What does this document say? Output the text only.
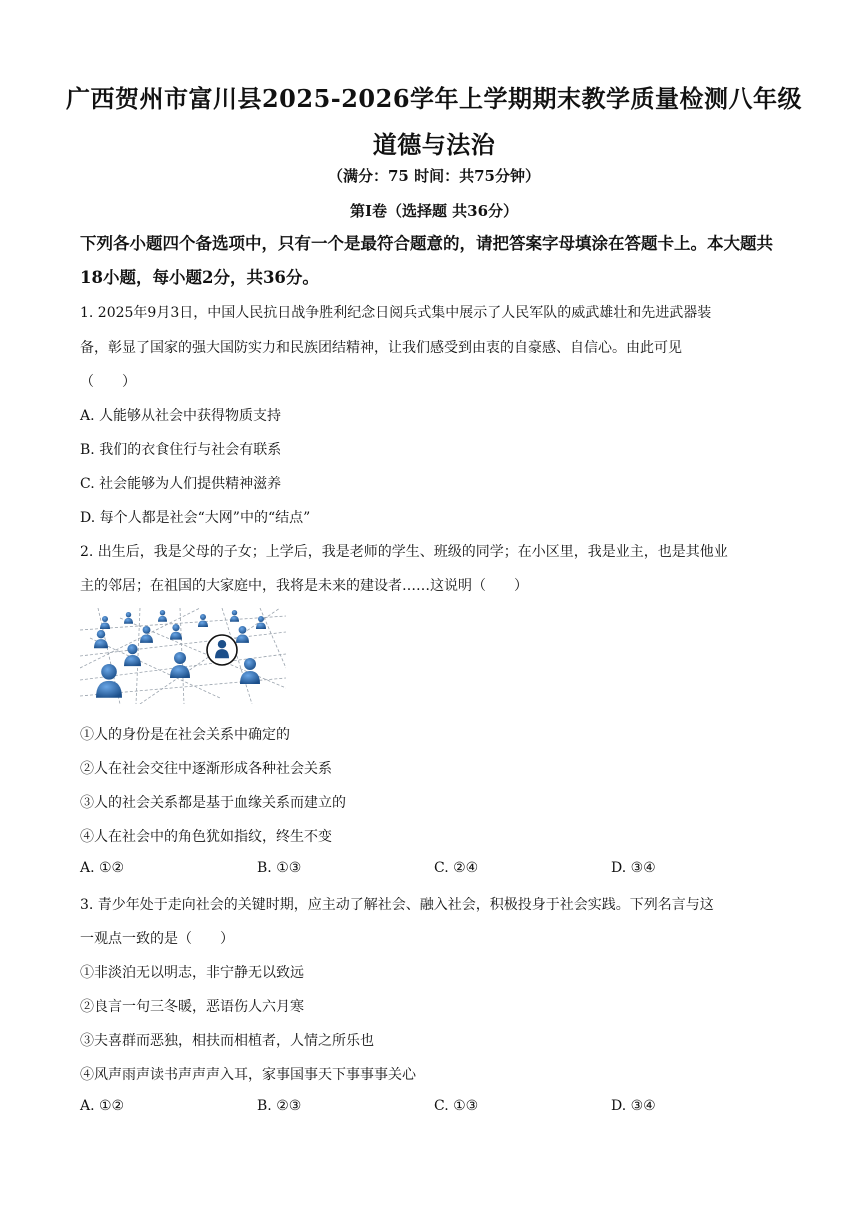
广西贺州市富川县2025-2026学年上学期期末教学质量检测八年级道德与法治
（满分：75 时间：共75分钟）
第Ⅰ卷（选择题 共36分）
下列各小题四个备选项中，只有一个是最符合题意的，请把答案字母填涂在答题卡上。本大题共18小题，每小题2分，共36分。
1. 2025年9月3日，中国人民抗日战争胜利纪念日阅兵式集中展示了人民军队的威武雄壮和先进武器装
备，彰显了国家的强大国防实力和民族团结精神，让我们感受到由衷的自豪感、自信心。由此可见
（　　）
A. 人能够从社会中获得物质支持
B. 我们的衣食住行与社会有联系
C. 社会能够为人们提供精神滋养
D. 每个人都是社会“大网”中的“结点”
2. 出生后，我是父母的子女；上学后，我是老师的学生、班级的同学；在小区里，我是业主，也是其他业
主的邻居；在祖国的大家庭中，我将是未来的建设者……这说明（　　）
①人的身份是在社会关系中确定的
②人在社会交往中逐渐形成各种社会关系
③人的社会关系都是基于血缘关系而建立的
④人在社会中的角色犹如指纹，终生不变
A. ①②	B. ①③	C. ②④	D. ③④
3. 青少年处于走向社会的关键时期，应主动了解社会、融入社会，积极投身于社会实践。下列名言与这
一观点一致的是（　　）
①非淡泊无以明志，非宁静无以致远
②良言一句三冬暖，恶语伤人六月寒
③夫喜群而恶独，相扶而相植者，人情之所乐也
④风声雨声读书声声声入耳，家事国事天下事事事关心
A. ①②	B. ②③	C. ①③	D. ③④
